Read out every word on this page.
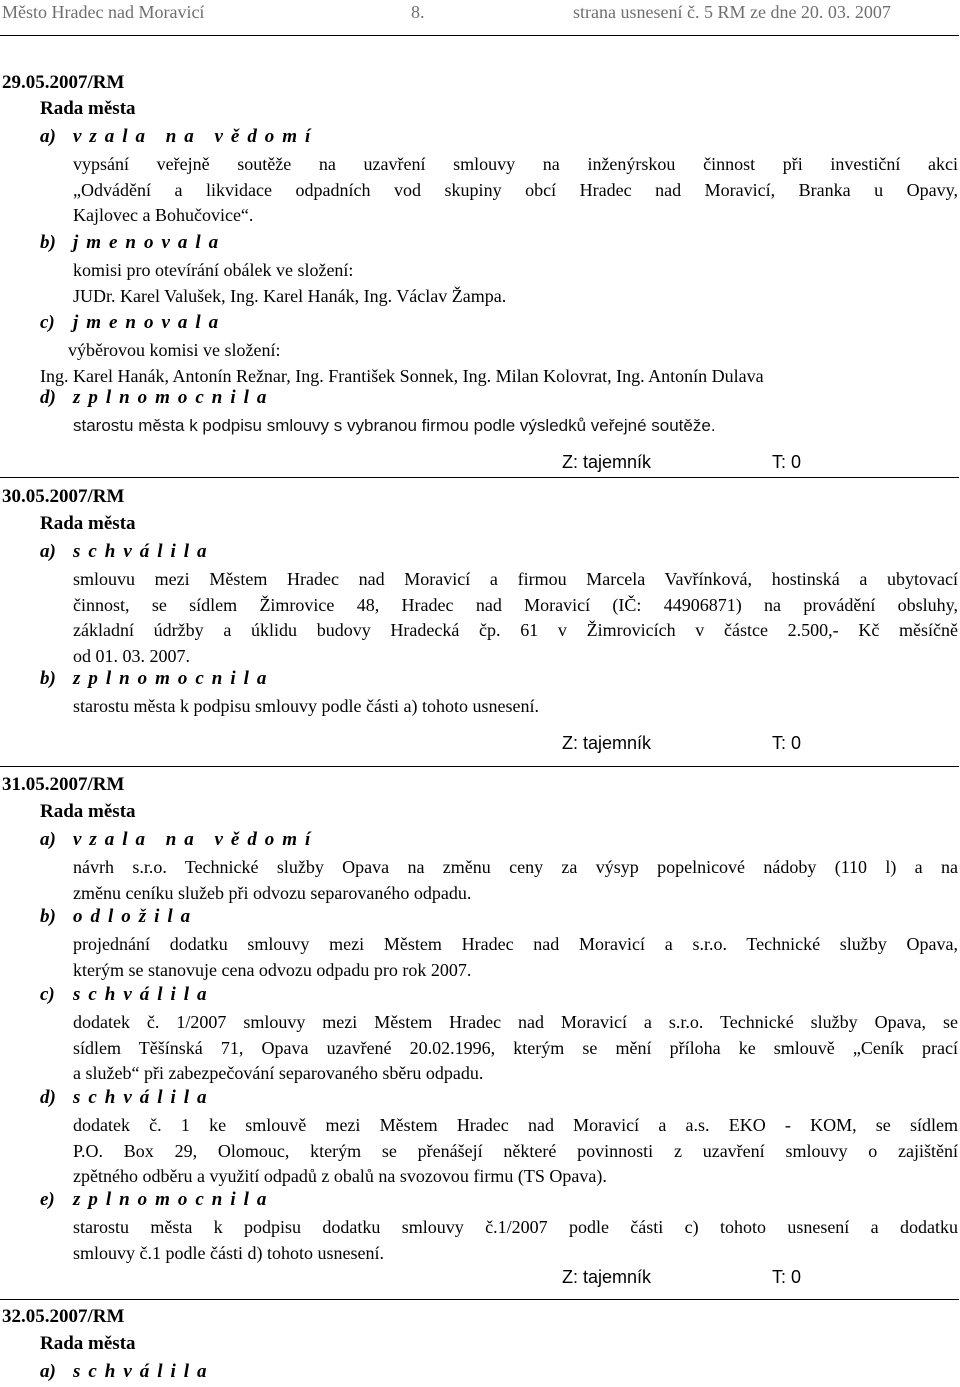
Město Hradec nad Moravicí	8.	strana usnesení č. 5 RM ze dne 20. 03. 2007
29.05.2007/RM
Rada města
a) vzala na vědomí
vypsání veřejně soutěže na uzavření smlouvy na inženýrskou činnost při investiční akci
„Odvádění a likvidace odpadních vod skupiny obcí Hradec nad Moravicí, Branka u Opavy,
Kajlovec a Bohučovice“.
b) jmenovala
komisi pro otevírání obálek ve složení:
JUDr. Karel Valušek, Ing. Karel Hanák, Ing. Václav Žampa.
c) jmenovala
výběrovou komisi ve složení:
Ing. Karel Hanák, Antonín Režnar, Ing. František Sonnek, Ing. Milan Kolovrat, Ing. Antonín Dulava
d) zplnomocnila
starostu města k podpisu smlouvy s vybranou firmou podle výsledků veřejné soutěže.
Z: tajemník	T: 0
30.05.2007/RM
Rada města
a) schválila
smlouvu mezi Městem Hradec nad Moravicí a firmou Marcela Vavřínková, hostinská a ubytovací
činnost, se sídlem Žimrovice 48, Hradec nad Moravicí (IČ: 44906871) na provádění obsluhy,
základní údržby a úklidu budovy Hradecká čp. 61 v Žimrovicích v částce 2.500,- Kč měsíčně
od 01. 03. 2007.
b) zplnomocnila
starostu města k podpisu smlouvy podle části a) tohoto usnesení.
Z: tajemník	T: 0
31.05.2007/RM
Rada města
a) vzala na vědomí
návrh s.r.o. Technické služby Opava na změnu ceny za výsyp popelnicové nádoby (110 l) a na
změnu ceníku služeb při odvozu separovaného odpadu.
b) odložila
projednání dodatku smlouvy mezi Městem Hradec nad Moravicí a s.r.o. Technické služby Opava,
kterým se stanovuje cena odvozu odpadu pro rok 2007.
c) schválila
dodatek č. 1/2007 smlouvy mezi Městem Hradec nad Moravicí a s.r.o. Technické služby Opava, se
sídlem Těšínská 71, Opava uzavřené 20.02.1996, kterým se mění příloha ke smlouvě „Ceník prací
a služeb“ při zabezpečování separovaného sběru odpadu.
d) schválila
dodatek č. 1 ke smlouvě mezi Městem Hradec nad Moravicí a a.s. EKO - KOM, se sídlem
P.O. Box 29, Olomouc, kterým se přenášejí některé povinnosti z uzavření smlouvy o zajištění
zpětného odběru a využití odpadů z obalů na svozovou firmu (TS Opava).
e) zplnomocnila
starostu města k podpisu dodatku smlouvy č.1/2007 podle části c) tohoto usnesení a dodatku
smlouvy č.1 podle části d) tohoto usnesení.
Z: tajemník	T: 0
32.05.2007/RM
Rada města
a) schválila
